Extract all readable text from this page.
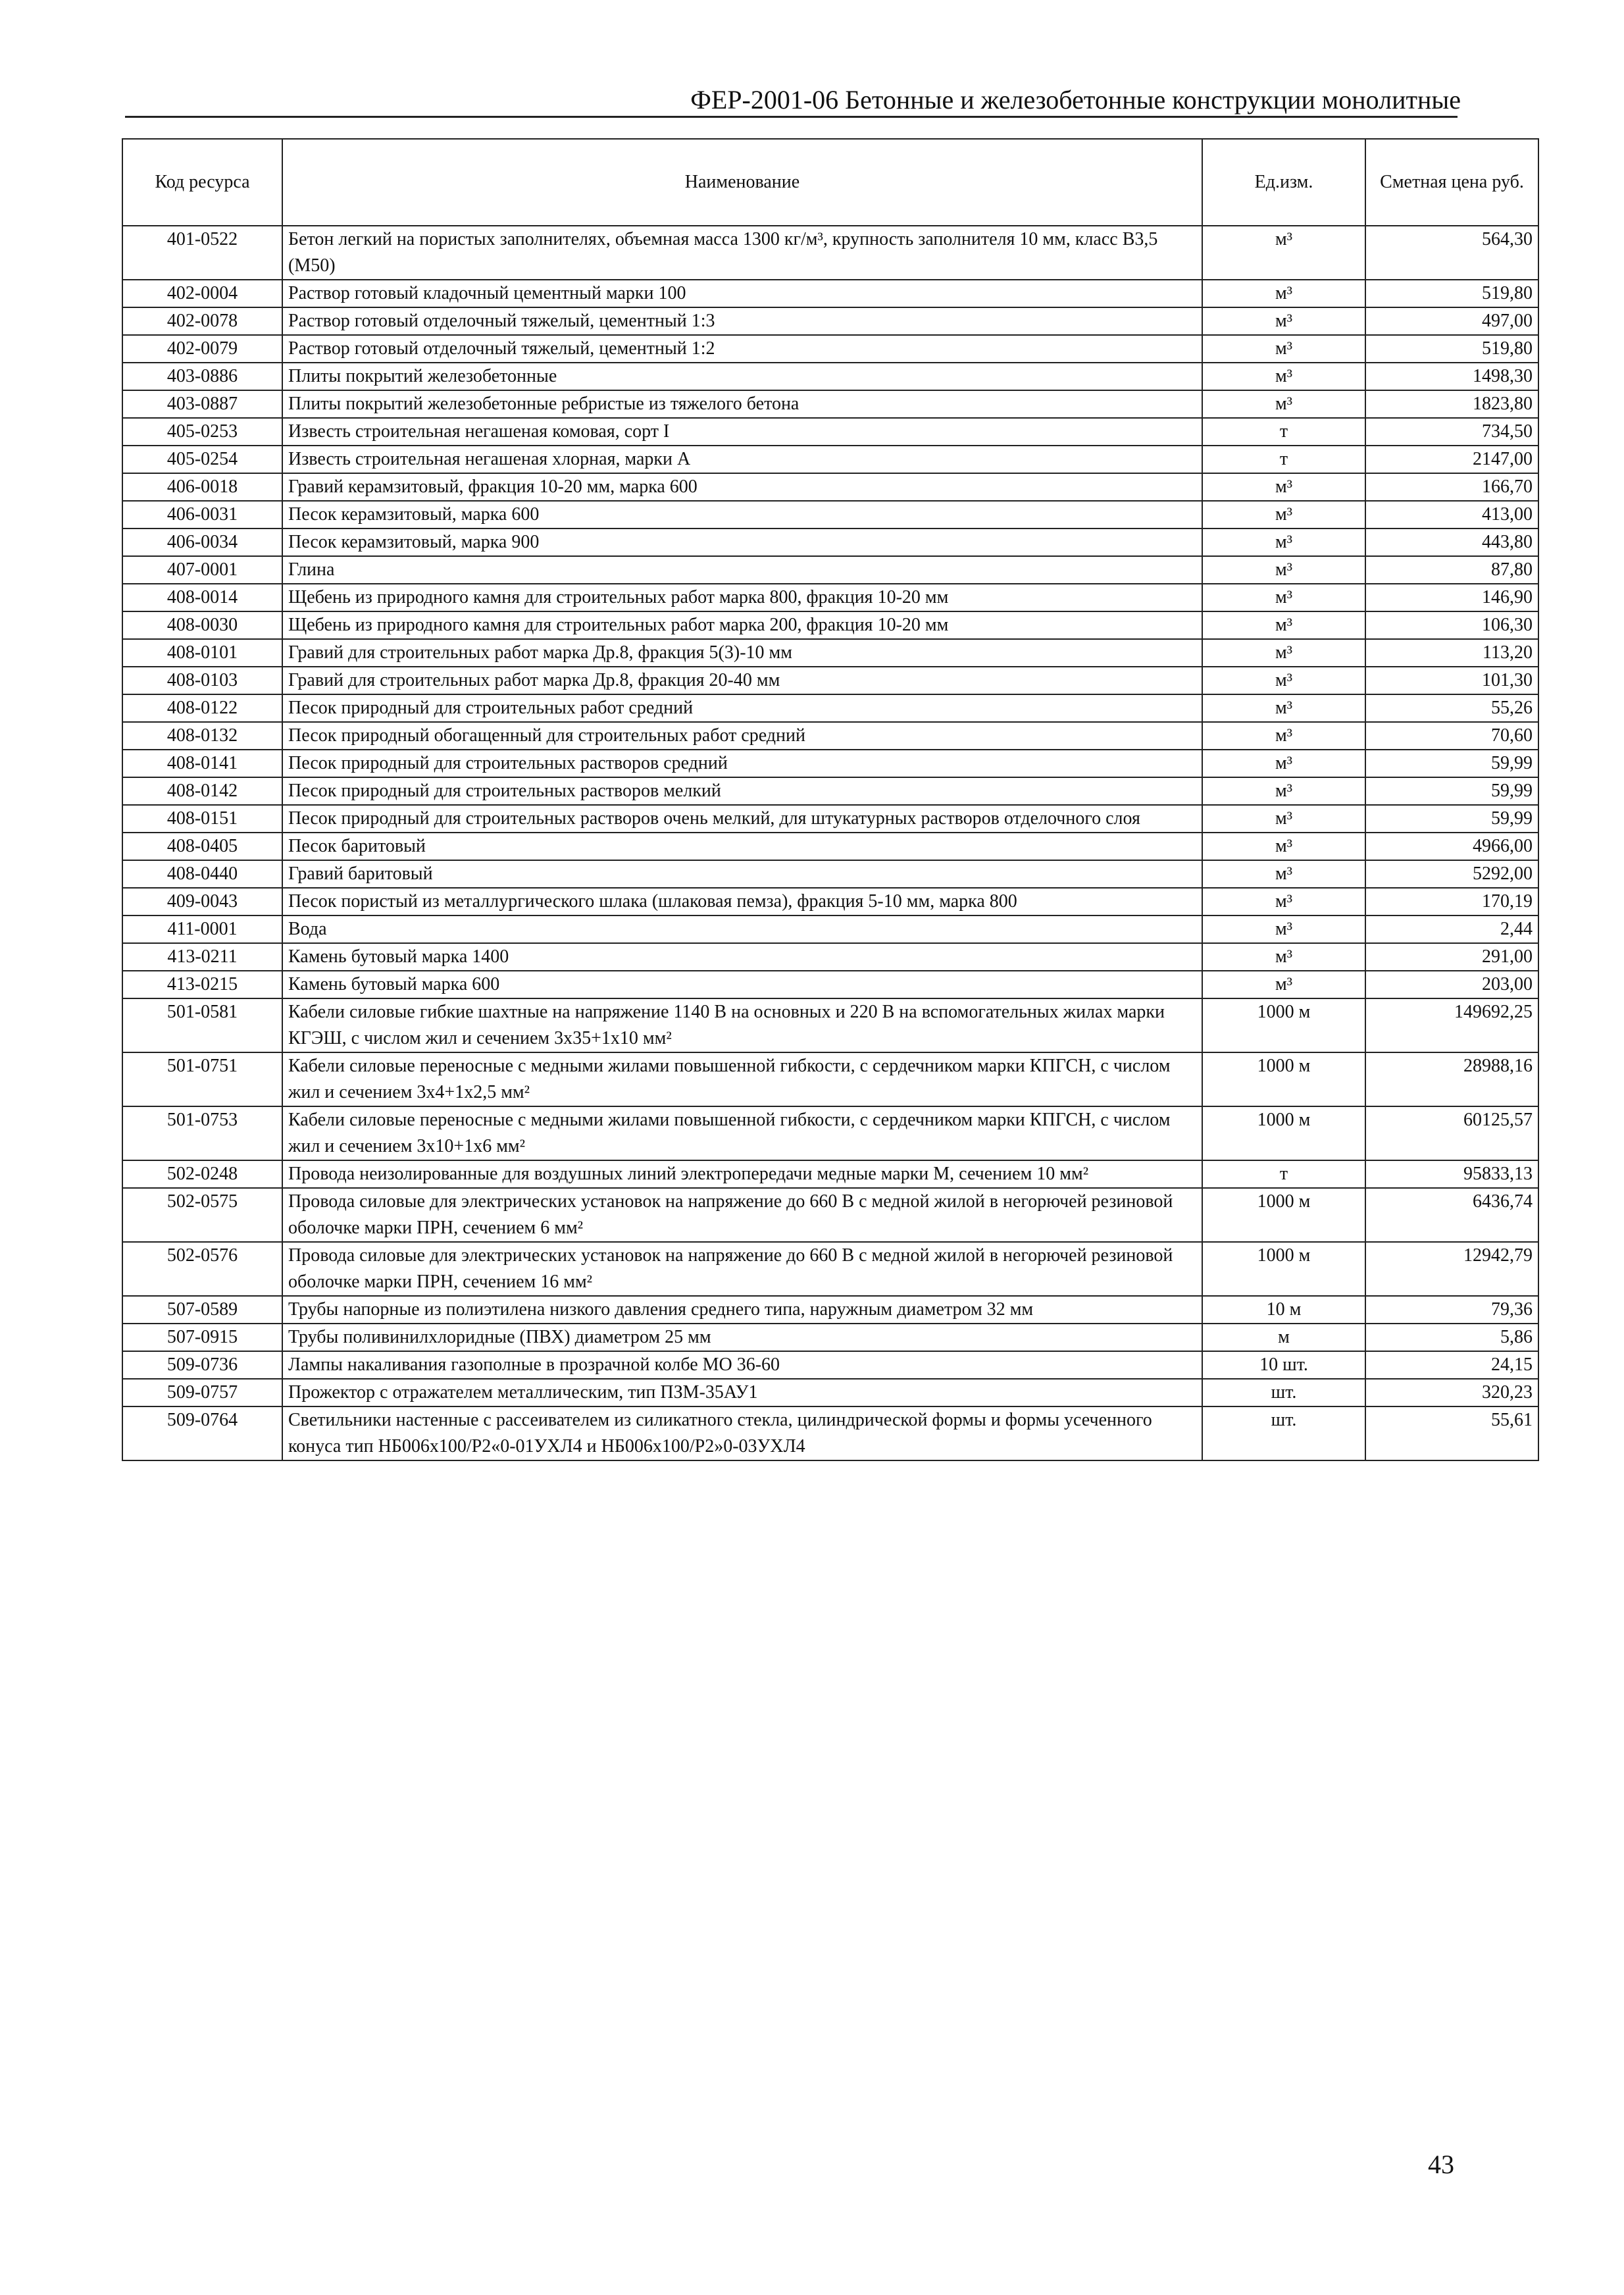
ФЕР-2001-06 Бетонные и железобетонные конструкции монолитные
Код ресурса	Наименование	Ед.изм.	Сметная цена руб.
401-0522	Бетон легкий на пористых заполнителях, объемная масса 1300 кг/м³, крупность заполнителя 10 мм, класс В3,5 (М50)	м³	564,30
402-0004	Раствор готовый кладочный цементный марки 100	м³	519,80
402-0078	Раствор готовый отделочный тяжелый, цементный 1:3	м³	497,00
402-0079	Раствор готовый отделочный тяжелый, цементный 1:2	м³	519,80
403-0886	Плиты покрытий железобетонные	м³	1498,30
403-0887	Плиты покрытий железобетонные ребристые из тяжелого бетона	м³	1823,80
405-0253	Известь строительная негашеная комовая, сорт I	т	734,50
405-0254	Известь строительная негашеная хлорная, марки А	т	2147,00
406-0018	Гравий керамзитовый, фракция 10-20 мм, марка 600	м³	166,70
406-0031	Песок керамзитовый, марка 600	м³	413,00
406-0034	Песок керамзитовый, марка 900	м³	443,80
407-0001	Глина	м³	87,80
408-0014	Щебень из природного камня для строительных работ марка 800, фракция 10-20 мм	м³	146,90
408-0030	Щебень из природного камня для строительных работ марка 200, фракция 10-20 мм	м³	106,30
408-0101	Гравий для строительных работ марка Др.8, фракция 5(3)-10 мм	м³	113,20
408-0103	Гравий для строительных работ марка Др.8, фракция 20-40 мм	м³	101,30
408-0122	Песок природный для строительных работ средний	м³	55,26
408-0132	Песок природный обогащенный для строительных работ средний	м³	70,60
408-0141	Песок природный для строительных растворов средний	м³	59,99
408-0142	Песок природный для строительных растворов мелкий	м³	59,99
408-0151	Песок природный для строительных растворов очень мелкий, для штукатурных растворов отделочного слоя	м³	59,99
408-0405	Песок баритовый	м³	4966,00
408-0440	Гравий баритовый	м³	5292,00
409-0043	Песок пористый из металлургического шлака (шлаковая пемза), фракция 5-10 мм, марка 800	м³	170,19
411-0001	Вода	м³	2,44
413-0211	Камень бутовый марка 1400	м³	291,00
413-0215	Камень бутовый марка 600	м³	203,00
501-0581	Кабели силовые гибкие шахтные на напряжение 1140 В на основных и 220 В на вспомогательных жилах марки КГЭШ, с числом жил и сечением 3х35+1х10 мм²	1000 м	149692,25
501-0751	Кабели силовые переносные с медными жилами повышенной гибкости, с сердечником марки КПГСН, с числом жил и сечением 3х4+1х2,5 мм²	1000 м	28988,16
501-0753	Кабели силовые переносные с медными жилами повышенной гибкости, с сердечником марки КПГСН, с числом жил и сечением 3х10+1х6 мм²	1000 м	60125,57
502-0248	Провода неизолированные для воздушных линий электропередачи медные марки М, сечением 10 мм²	т	95833,13
502-0575	Провода силовые для электрических установок на напряжение до 660 В с медной жилой в негорючей резиновой оболочке марки ПРН, сечением 6 мм²	1000 м	6436,74
502-0576	Провода силовые для электрических установок на напряжение до 660 В с медной жилой в негорючей резиновой оболочке марки ПРН, сечением 16 мм²	1000 м	12942,79
507-0589	Трубы напорные из полиэтилена низкого давления среднего типа, наружным диаметром 32 мм	10 м	79,36
507-0915	Трубы поливинилхлоридные (ПВХ) диаметром 25 мм	м	5,86
509-0736	Лампы накаливания газополные в прозрачной колбе МО 36-60	10 шт.	24,15
509-0757	Прожектор с отражателем металлическим, тип ПЗМ-35АУ1	шт.	320,23
509-0764	Светильники настенные с рассеивателем из силикатного стекла, цилиндрической формы и формы усеченного конуса тип НБ006х100/Р2«0-01УХЛ4 и НБ006х100/Р2»0-03УХЛ4	шт.	55,61
43
